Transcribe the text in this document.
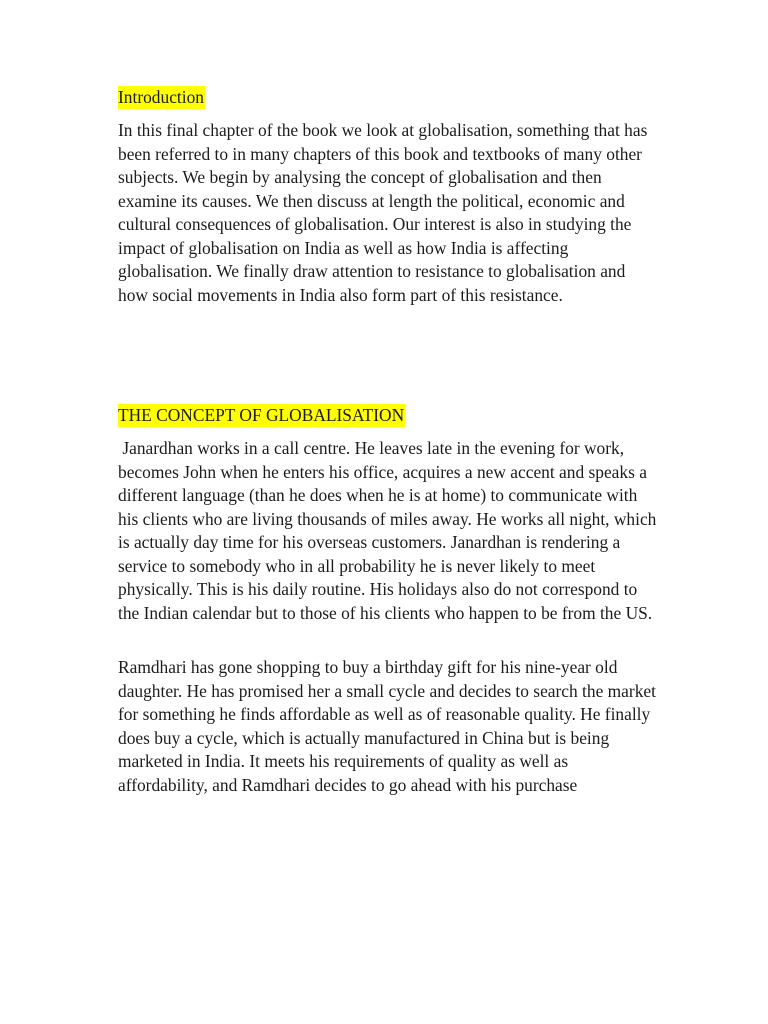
Introduction

In this final chapter of the book we look at globalisation, something that has been referred to in many chapters of this book and textbooks of many other subjects. We begin by analysing the concept of globalisation and then examine its causes. We then discuss at length the political, economic and cultural consequences of globalisation. Our interest is also in studying the impact of globalisation on India as well as how India is affecting globalisation. We finally draw attention to resistance to globalisation and how social movements in India also form part of this resistance.

THE CONCEPT OF GLOBALISATION

Janardhan works in a call centre. He leaves late in the evening for work, becomes John when he enters his office, acquires a new accent and speaks a different language (than he does when he is at home) to communicate with his clients who are living thousands of miles away. He works all night, which is actually day time for his overseas customers. Janardhan is rendering a service to somebody who in all probability he is never likely to meet physically. This is his daily routine. His holidays also do not correspond to the Indian calendar but to those of his clients who happen to be from the US.

Ramdhari has gone shopping to buy a birthday gift for his nine-year old daughter. He has promised her a small cycle and decides to search the market for something he finds affordable as well as of reasonable quality. He finally does buy a cycle, which is actually manufactured in China but is being marketed in India. It meets his requirements of quality as well as affordability, and Ramdhari decides to go ahead with his purchase
